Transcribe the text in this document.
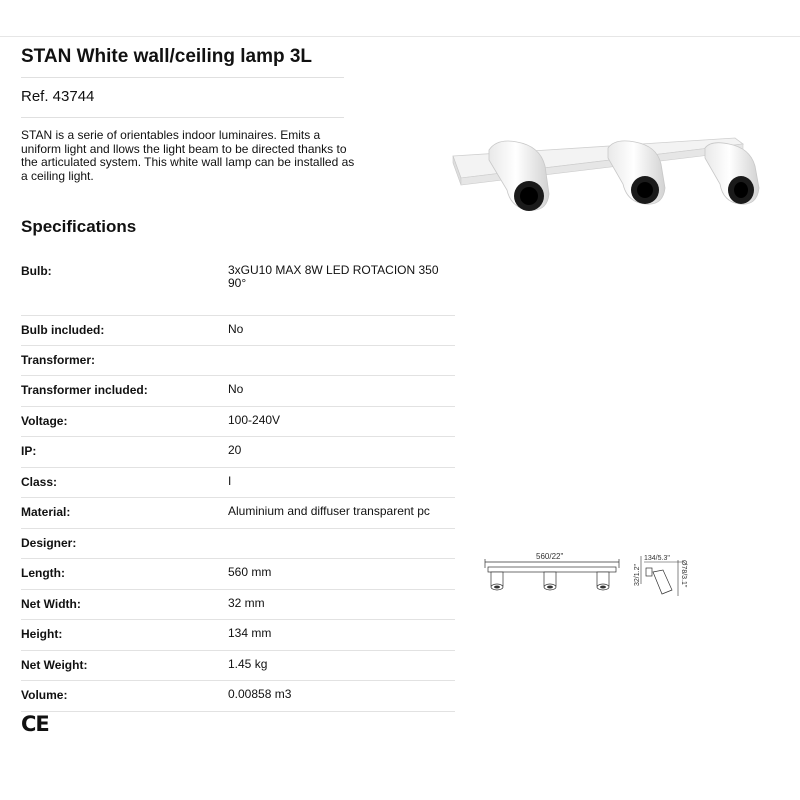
STAN White wall/ceiling lamp 3L
Ref. 43744
STAN is a serie of orientables indoor luminaires. Emits a uniform light and llows the light beam to be directed thanks to the articulated system. This white wall lamp can be installed as a ceiling light.
Specifications
Bulb:	3xGU10 MAX 8W LED ROTACION 350 90°
Bulb included:	No
Transformer:
Transformer included:	No
Voltage:	100-240V
IP:	20
Class:	I
Material:	Aluminium and diffuser transparent pc
Designer:
Length:	560 mm
Net Width:	32 mm
Height:	134 mm
Net Weight:	1.45 kg
Volume:	0.00858 m3
560/22"
32/1.2"
134/5.3"
Ø78/3.1"
CE
